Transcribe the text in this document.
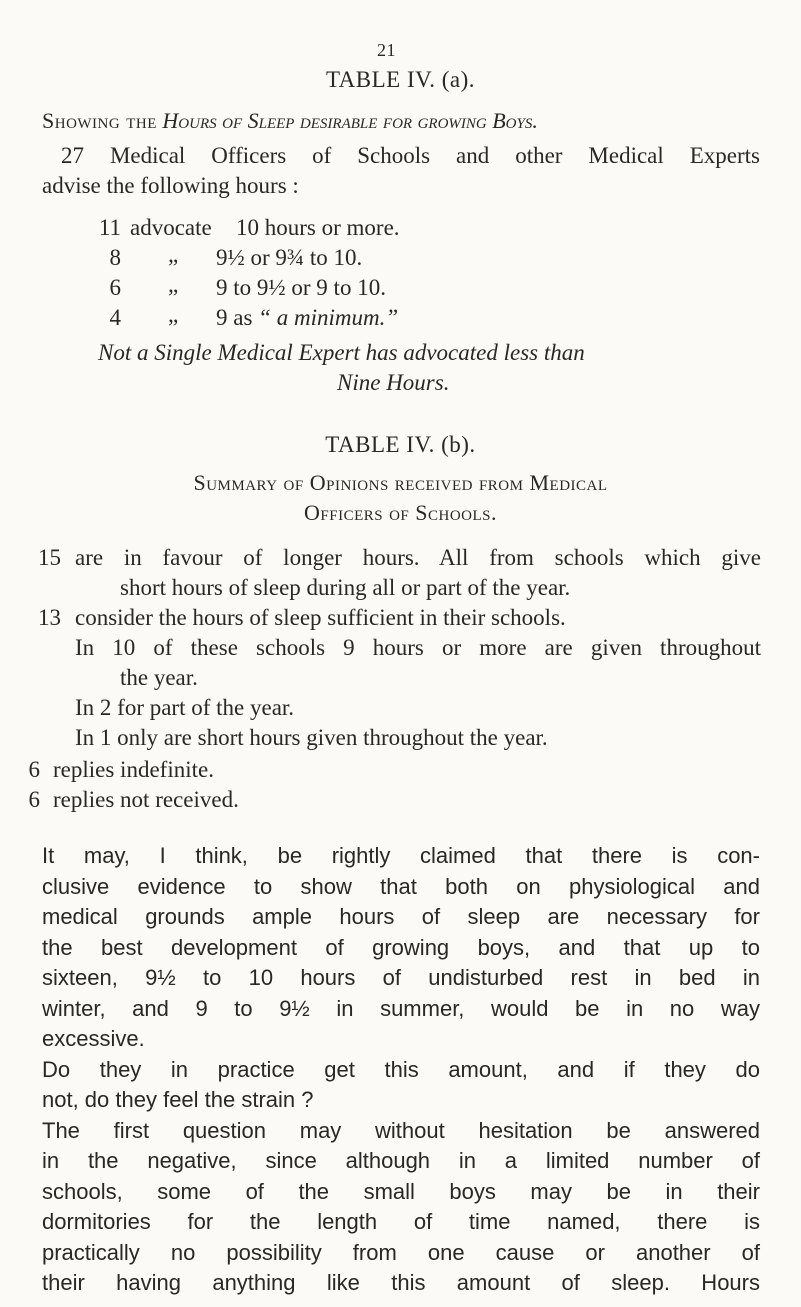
21
TABLE IV. (a).
Showing the Hours of Sleep desirable for growing Boys.
27 Medical Officers of Schools and other Medical Experts
advise the following hours :
11 advocate 10 hours or more.
8 „ 9½ or 9¾ to 10.
6 „ 9 to 9½ or 9 to 10.
4 „ 9 as “ a minimum.”
Not a Single Medical Expert has advocated less than
Nine Hours.
TABLE IV. (b).
Summary of Opinions received from Medical
Officers of Schools.
15 are in favour of longer hours. All from schools which give
short hours of sleep during all or part of the year.
13 consider the hours of sleep sufficient in their schools.
In 10 of these schools 9 hours or more are given throughout
the year.
In 2 for part of the year.
In 1 only are short hours given throughout the year.
6 replies indefinite.
6 replies not received.
It may, I think, be rightly claimed that there is con-
clusive evidence to show that both on physiological and
medical grounds ample hours of sleep are necessary for
the best development of growing boys, and that up to
sixteen, 9½ to 10 hours of undisturbed rest in bed in
winter, and 9 to 9½ in summer, would be in no way
excessive.
Do they in practice get this amount, and if they do
not, do they feel the strain ?
The first question may without hesitation be answered
in the negative, since although in a limited number of
schools, some of the small boys may be in their
dormitories for the length of time named, there is
practically no possibility from one cause or another of
their having anything like this amount of sleep. Hours
